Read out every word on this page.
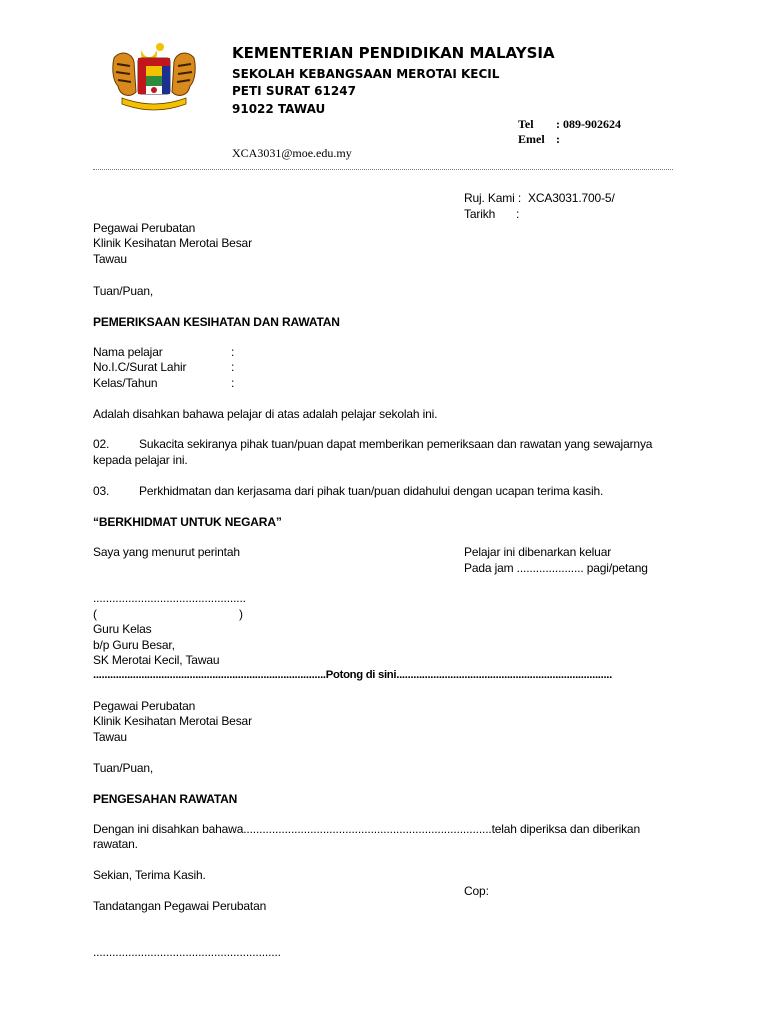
KEMENTERIAN PENDIDIKAN MALAYSIA
SEKOLAH KEBANGSAAN MEROTAI KECIL
PETI SURAT 61247
91022 TAWAU
Tel : 089-902624
Emel :
XCA3031@moe.edu.my
Ruj. Kami : XCA3031.700-5/
Tarikh :
Pegawai Perubatan
Klinik Kesihatan Merotai Besar
Tawau
Tuan/Puan,
PEMERIKSAAN KESIHATAN DAN RAWATAN
Nama pelajar	:
No.I.C/Surat Lahir	:
Kelas/Tahun	:
Adalah disahkan bahawa pelajar di atas adalah pelajar sekolah ini.
02. Sukacita sekiranya pihak tuan/puan dapat memberikan pemeriksaan dan rawatan yang sewajarnya
kepada pelajar ini.
03. Perkhidmatan dan kerjasama dari pihak tuan/puan didahului dengan ucapan terima kasih.
“BERKHIDMAT UNTUK NEGARA”
Saya yang menurut perintah	Pelajar ini dibenarkan keluar
Pada jam ..................... pagi/petang
................................................
(	)
Guru Kelas
b/p Guru Besar,
SK Merotai Kecil, Tawau
..................................................................................Potong di sini............................................................................
Pegawai Perubatan
Klinik Kesihatan Merotai Besar
Tawau
Tuan/Puan,
PENGESAHAN RAWATAN
Dengan ini disahkan bahawa..............................................................................telah diperiksa dan diberikan
rawatan.
Sekian, Terima Kasih.
Cop:
Tandatangan Pegawai Perubatan
...........................................................
